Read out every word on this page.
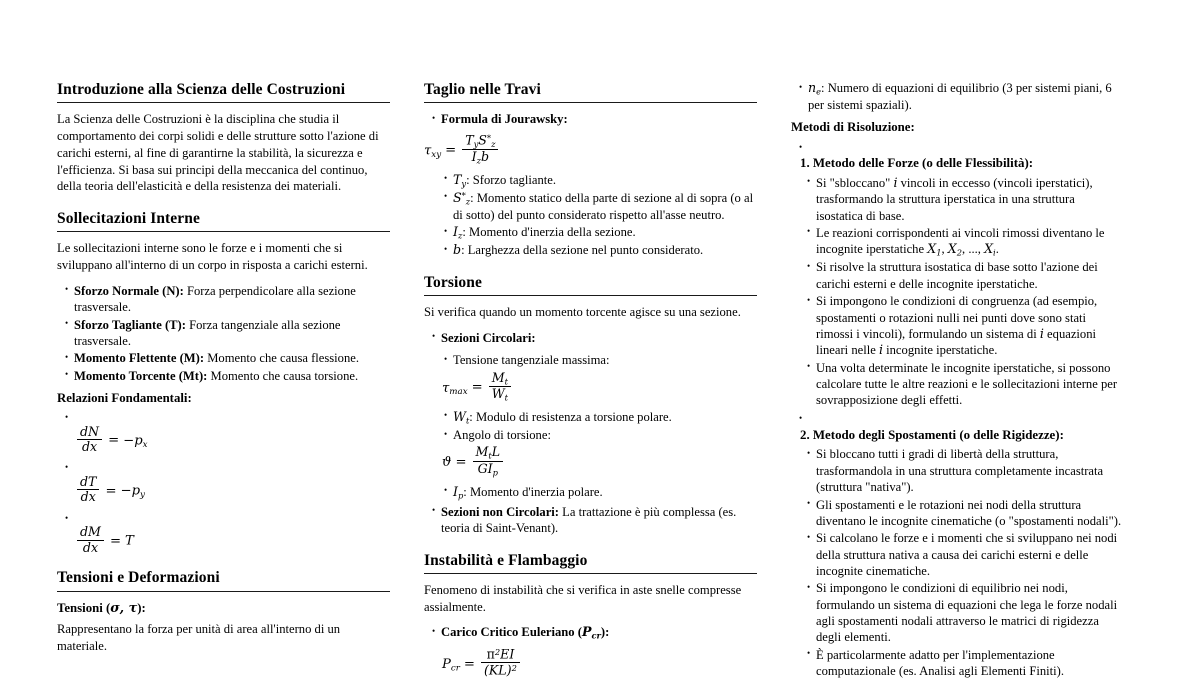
Introduzione alla Scienza delle Costruzioni

La Scienza delle Costruzioni è la disciplina che studia il comportamento dei corpi solidi e delle strutture sotto l'azione di carichi esterni, al fine di garantirne la stabilità, la sicurezza e l'efficienza. Si basa sui principi della meccanica del continuo, della teoria dell'elasticità e della resistenza dei materiali.

Sollecitazioni Interne

Le sollecitazioni interne sono le forze e i momenti che si sviluppano all'interno di un corpo in risposta a carichi esterni.

• Sforzo Normale (N): Forza perpendicolare alla sezione trasversale.
• Sforzo Tagliante (T): Forza tangenziale alla sezione trasversale.
• Momento Flettente (M): Momento che causa flessione.
• Momento Torcente (Mt): Momento che causa torsione.
Relazioni Fondamentali:
•
$\frac{dN}{dx} = -p_x$
•
$\frac{dT}{dx} = -p_y$
•
$\frac{dM}{dx} = T$
Tensioni e Deformazioni
Tensioni (σ, τ):

Rappresentano la forza per unità di area all'interno di un materiale.

Taglio nelle Travi
• Formula di Jourawsky:
$\tau_{xy} = \frac{T_yS^*_z}{I_zb}$
• $T_y$: Sforzo tagliante.
• $S^*_z$: Momento statico della parte di sezione al di sopra (o al di sotto) del punto considerato rispetto all'asse neutro.
• $I_z$: Momento d'inerzia della sezione.
• b: Larghezza della sezione nel punto considerato.
Torsione

Si verifica quando un momento torcente agisce su una sezione.

• Sezioni Circolari:
• Tensione tangenziale massima:
$\tau_{max} = \frac{M_t}{W_t}$
• $W_t$: Modulo di resistenza a torsione polare.
• Angolo di torsione:
$ϑ = \frac{M_tL}{GI_p}$
• $I_p$: Momento d'inerzia polare.
• Sezioni non Circolari: La trattazione è più complessa (es. teoria di Saint-Venant).
Instabilità e Flambaggio

Fenomeno di instabilità che si verifica in aste snelle compresse assialmente.

• Carico Critico Euleriano $(P_{cr})$:
$P_{cr} = \frac{\pi^2EI}{(KL)^2}$
• $n_e$: Numero di equazioni di equilibrio (3 per sistemi piani, 6 per sistemi spaziali).
Metodi di Risoluzione:
•
1. Metodo delle Forze (o delle Flessibilità):
• Si "sbloccano" i vincoli in eccesso (vincoli iperstatici), trasformando la struttura iperstatica in una struttura isostatica di base.
• Le reazioni corrispondenti ai vincoli rimossi diventano le incognite iperstatiche $X_1$, $X_2$, ..., $X_i$.
• Si risolve la struttura isostatica di base sotto l'azione dei carichi esterni e delle incognite iperstatiche.
• Si impongono le condizioni di congruenza (ad esempio, spostamenti o rotazioni nulli nei punti dove sono stati rimossi i vincoli), formulando un sistema di i equazioni lineari nelle i incognite iperstatiche.
• Una volta determinate le incognite iperstatiche, si possono calcolare tutte le altre reazioni e le sollecitazioni interne per sovrapposizione degli effetti.
•
2. Metodo degli Spostamenti (o delle Rigidezze):
• Si bloccano tutti i gradi di libertà della struttura, trasformandola in una struttura completamente incastrata (struttura "nativa").
• Gli spostamenti e le rotazioni nei nodi della struttura diventano le incognite cinematiche (o "spostamenti nodali").
• Si calcolano le forze e i momenti che si sviluppano nei nodi della struttura nativa a causa dei carichi esterni e delle incognite cinematiche.
• Si impongono le condizioni di equilibrio nei nodi, formulando un sistema di equazioni che lega le forze nodali agli spostamenti nodali attraverso le matrici di rigidezza degli elementi.
• È particolarmente adatto per l'implementazione computazionale (es. Analisi agli Elementi Finiti).
